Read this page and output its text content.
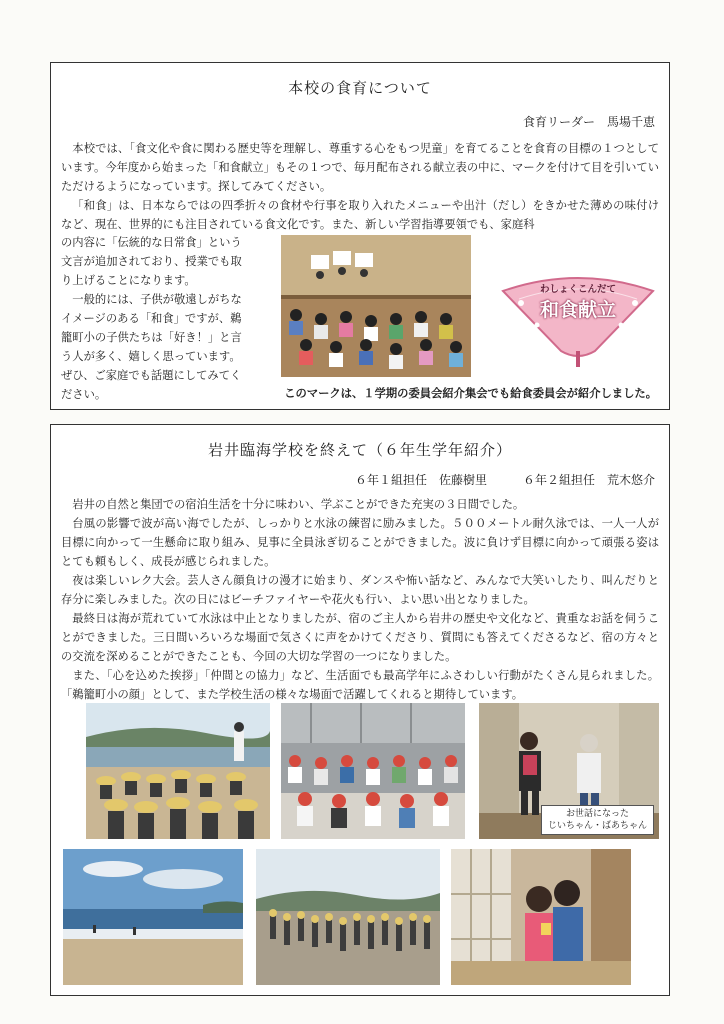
本校の食育について
食育リーダー　馬場千恵

本校では、「食文化や食に関わる歴史等を理解し、尊重する心をもつ児童」を育てることを食育の目標の１つとしています。今年度から始まった「和食献立」もその１つで、毎月配布される献立表の中に、マークを付けて目を引いていただけるようになっています。探してみてください。

「和食」は、日本ならではの四季折々の食材や行事を取り入れたメニューや出汁（だし）をきかせた薄めの味付けなど、現在、世界的にも注目されている食文化です。また、新しい学習指導要領でも、家庭科

の内容に「伝統的な日常食」という
文言が追加されており、授業でも取
り上げることになります。
　一般的には、子供が敬遠しがちな
イメージのある「和食」ですが、鵜
籠町小の子供たちは「好き！」と言
う人が多く、嬉しく思っています。
ぜひ、ご家庭でも話題にしてみてく
ださい。
わしょくこんだて
和食献立
このマークは、１学期の委員会紹介集会でも給食委員会が紹介しました。
岩井臨海学校を終えて（６年生学年紹介）
６年１組担任　佐藤樹里　　　６年２組担任　荒木悠介

岩井の自然と集団での宿泊生活を十分に味わい、学ぶことができた充実の３日間でした。

台風の影響で波が高い海でしたが、しっかりと水泳の練習に励みました。５００メートル耐久泳では、一人一人が目標に向かって一生懸命に取り組み、見事に全員泳ぎ切ることができました。波に負けず目標に向かって頑張る姿はとても頼もしく、成長が感じられました。

夜は楽しいレク大会。芸人さん顔負けの漫才に始まり、ダンスや怖い話など、みんなで大笑いしたり、叫んだりと存分に楽しみました。次の日にはビーチファイヤーや花火も行い、よい思い出となりました。

最終日は海が荒れていて水泳は中止となりましたが、宿のご主人から岩井の歴史や文化など、貴重なお話を伺うことができました。三日間いろいろな場面で気さくに声をかけてくださり、質問にも答えてくださるなど、宿の方々との交流を深めることができたことも、今回の大切な学習の一つになりました。

また、「心を込めた挨拶」「仲間との協力」など、生活面でも最高学年にふさわしい行動がたくさん見られました。「鵜籠町小の顔」として、また学校生活の様々な場面で活躍してくれると期待しています。

お世話になった
じいちゃん・ばあちゃん
